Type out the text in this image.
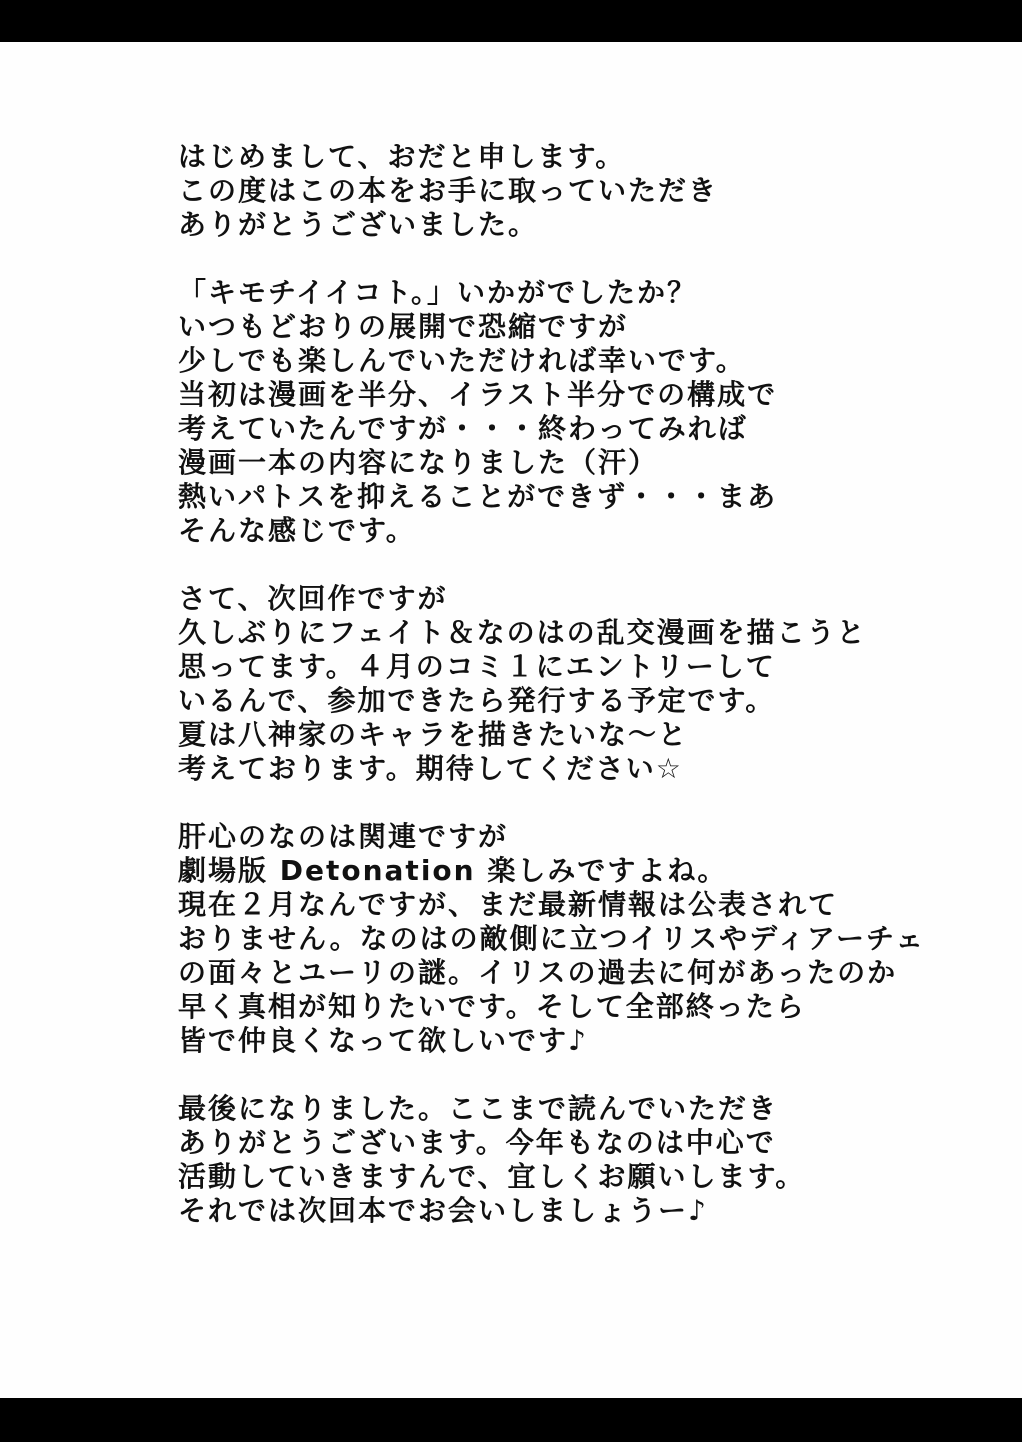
はじめまして、おだと申します。
この度はこの本をお手に取っていただき
ありがとうございました。
「キモチイイコト。」いかがでしたか？
いつもどおりの展開で恐縮ですが
少しでも楽しんでいただければ幸いです。
当初は漫画を半分、イラスト半分での構成で
考えていたんですが・・・終わってみれば
漫画一本の内容になりました（汗）
熱いパトスを抑えることができず・・・まあ
そんな感じです。
さて、次回作ですが
久しぶりにフェイト＆なのはの乱交漫画を描こうと
思ってます。４月のコミ１にエントリーして
いるんで、参加できたら発行する予定です。
夏は八神家のキャラを描きたいな～と
考えております。期待してください☆
肝心のなのは関連ですが
劇場版 Detonation 楽しみですよね。
現在２月なんですが、まだ最新情報は公表されて
おりません。なのはの敵側に立つイリスやディアーチェ
の面々とユーリの謎。イリスの過去に何があったのか
早く真相が知りたいです。そして全部終ったら
皆で仲良くなって欲しいです♪
最後になりました。ここまで読んでいただき
ありがとうございます。今年もなのは中心で
活動していきますんで、宜しくお願いします。
それでは次回本でお会いしましょうー♪
